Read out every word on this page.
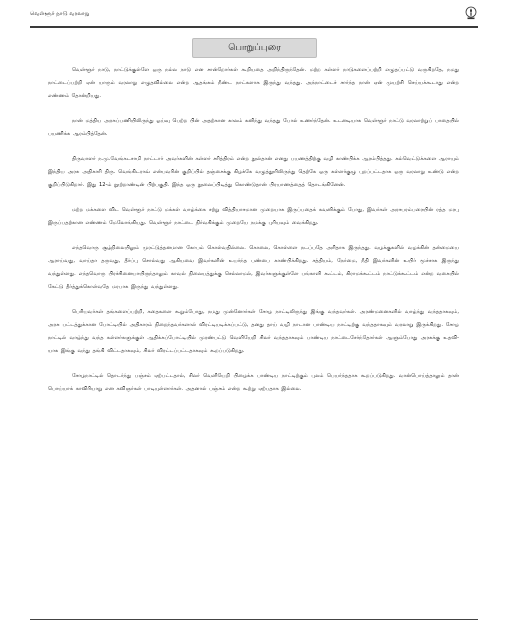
வெள்ளூர் நாடு வரலாறு
பொறுப்புரை

வெள்ளூர் நாடு, நாட்டுக்குள்ளே ஒரு நல்ல நாடு என சான்றோர்கள் கூறியதை அறிந்திருந்தேன். மற்ற கள்ளர் நாடுகளைப்பற்றி எழுதப்பட்டு வருகிறதே, நமது நாட்டைப்பற்றி ஏன் யாரும் வரலாறு எழுதவில்லை என்ற ஆதங்கம் நீண்ட நாட்களாக இருந்து வந்தது. அந்நாட்டைச் சார்ந்த நான் ஏன் முயற்சி செய்யக்கூடாது என்ற எண்ணம் தோன்றியது.

நான் மத்திய அரசுப்பணியிலிருந்து ஓய்வு பெற்ற பின் அதற்கான காலம் கனிந்து வந்தது போல் உணர்ந்தேன். உடனடியாக வெள்ளூர் நாட்டு வரலாற்றுப் பாதையில் பயணிக்க ஆரம்பித்தேன்.

திருவாளர் ந.மு.வேங்கடசாமி நாட்டார் அவர்களின் கள்ளர் சரித்திரம் என்ற நூல்தான் எனது பயணத்திற்கு வழி காண்பிக்க ஆரம்பித்தது. கல்வெட்டுக்களை ஆராயும் இந்திய அரசு அதிகாரி திரு. வெங்கிடராவ் என்பவரின் குறிப்பில் தஞ்சைக்கு கிழக்கே வழுத்தூரிலிருந்து தெற்கே ஒரு கள்ளர்குழு புறப்பட்டதாக ஒரு வரலாறு உண்டு என்ற குறிப்பிடுகிறார். இது 12-ம் நூற்றாண்டின் பிற்பகுதி. இந்த ஒரு நூலைப்பிடித்து கொண்டுதான் பிரயாணத்தைத் தொடங்கினேன்.

மற்ற மக்களை விட வெள்ளூர் நாட்டு மக்கள் வாழ்க்கை சற்று வித்தியாசமான முறையாக இருப்பதைக் கவனிக்கும் போது, இவர்கள் அரசபரம்பரையின் ரத்த மரபு இருப்பதற்கான எண்ணம் மேலோங்கியது. வெள்ளூர் நாட்டை நிர்வகிக்கும் முறையே நமக்கு புரியவும் வைக்கிறது.

எந்தவொரு சூழ்நிலையிலும் முரட்டுத்தனமான கோபம் கொள்வதில்லை. கொலை, கொள்ளை நடப்பதே அரிதாக இருந்தது. வழக்குகளில் வழக்கின் தன்மையை ஆராய்வது, வாய்தா தருவது, தீர்ப்பு சொல்வது ஆகியவை இவர்களின் உயர்ந்த பண்பை காண்பிக்கிறது. சத்தியம், நேர்மை, நீதி இவர்களின் உயிர் மூச்சாக இருந்து வந்துள்ளது. எந்தவொரு பிரச்சினையாயிருந்தாலும் காவல் நிலையத்துக்கு செல்லாமல், இவர்களுக்குள்ளே பங்காளி கூட்டம், கிராமக்கூட்டம் நாட்டுக்கூட்டம் என்ற வகையில் கேட்டு தீர்த்துக்கொள்வதே மரபாக இருந்து வந்துள்ளது.

பெரியவர்கள் தங்களைப்பற்றி, கதைகளை கூறும்போது, நமது முன்னோர்கள் சோழ நாட்டிலிருந்து இங்கு வந்தவர்கள். அரண்மனைகளில் வாழ்ந்து வந்ததாகவும், அரசு பட்டத்துக்கான போட்டியில் அதிகாரம் நிறைந்தவர்களால் விரட்டியடிக்கப்பட்டு, தனது தாய் வழி நாடான பாண்டிய நாட்டிற்கு வந்ததாகவும் வரலாறு இருக்கிறது. சோழ நாட்டில் வாழ்ந்து வந்த கள்ளர்களுக்குள் ஆதிக்கப்போட்டியில் முரண்பட்டு வெளியேறி சிலர் வந்ததாகவும் பாண்டிய நாட்டைசேர்ந்தோர்கள் ஆளும்போது அரசுக்கு உதவி-யாக இங்கு வந்து தங்கி விட்டதாகவும், சிலர் விரட்டப்பட்டதாகவும் கூறப்படுகிறது.

சோழநாட்டில் தொடர்ந்து பஞ்சம் ஏற்பட்டதால், சிலர் வெளியேறி பிழைக்க பாண்டிய நாட்டிற்கும் புலம் பெயர்ந்ததாக கூறப்படுகிறது. வான்பொய்த்தாலும் தான் பொய்யாக் காவிரியாறு என கவிஞர்கள் பாடியுள்ளார்கள். அதனால் பஞ்சம் என்ற கூற்று ஏற்பதாக இல்லை.
